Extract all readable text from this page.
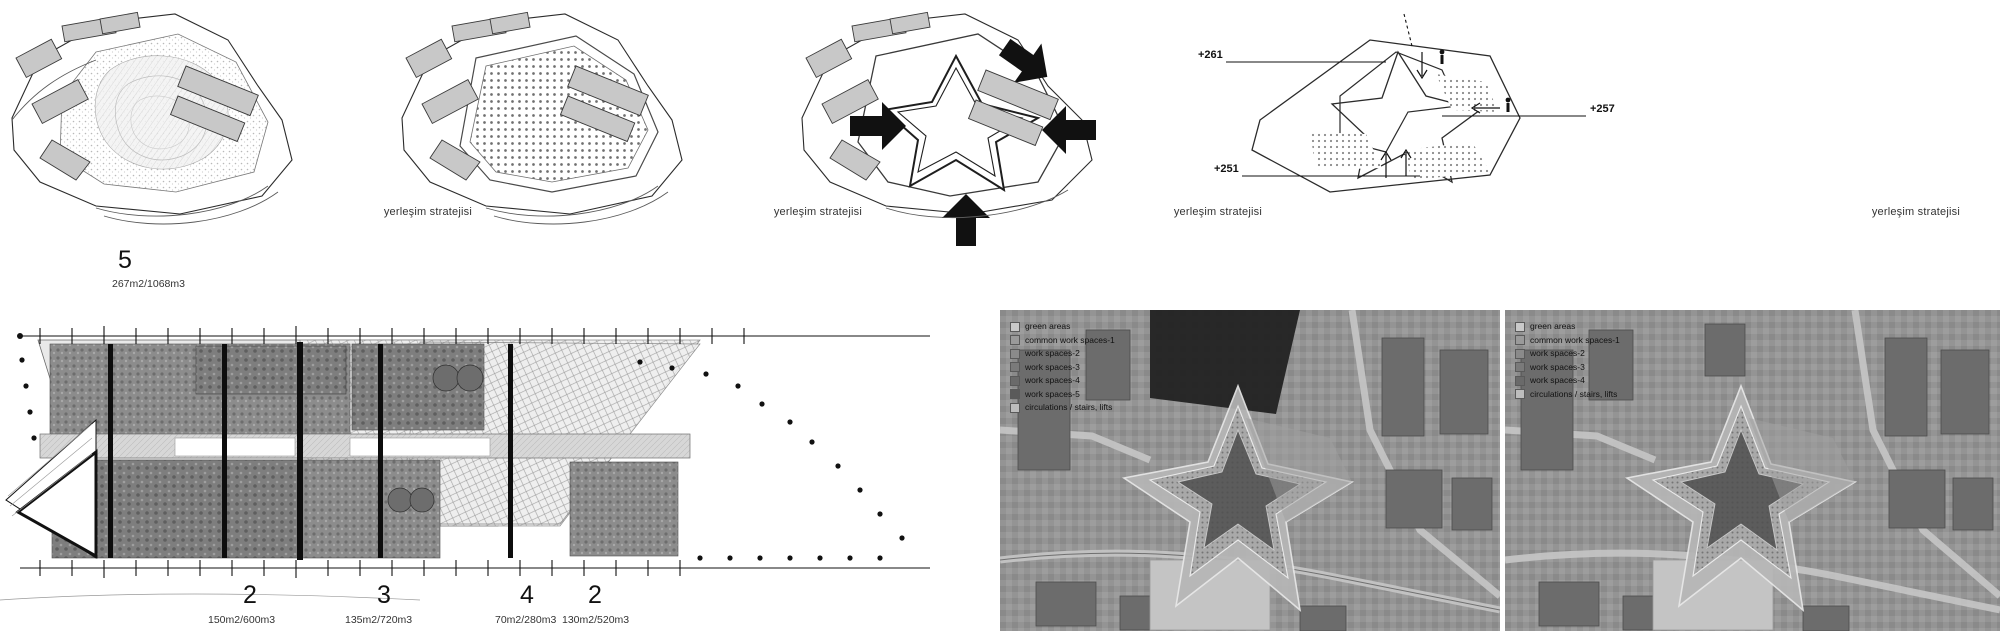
yerleşim stratejisi	yerleşim stratejisi	yerleşim stratejisi
+261
+257
+251
yerleşim stratejisi
5
267m2/1068m3
2
150m2/600m3
3
135m2/720m3
4
70m2/280m3
2
130m2/520m3
green areas
common work spaces-1
work spaces-2
work spaces-3
work spaces-4
work spaces-5
circulations / stairs, lifts
green areas
common work spaces-1
work spaces-2
work spaces-3
work spaces-4
circulations / stairs, lifts
